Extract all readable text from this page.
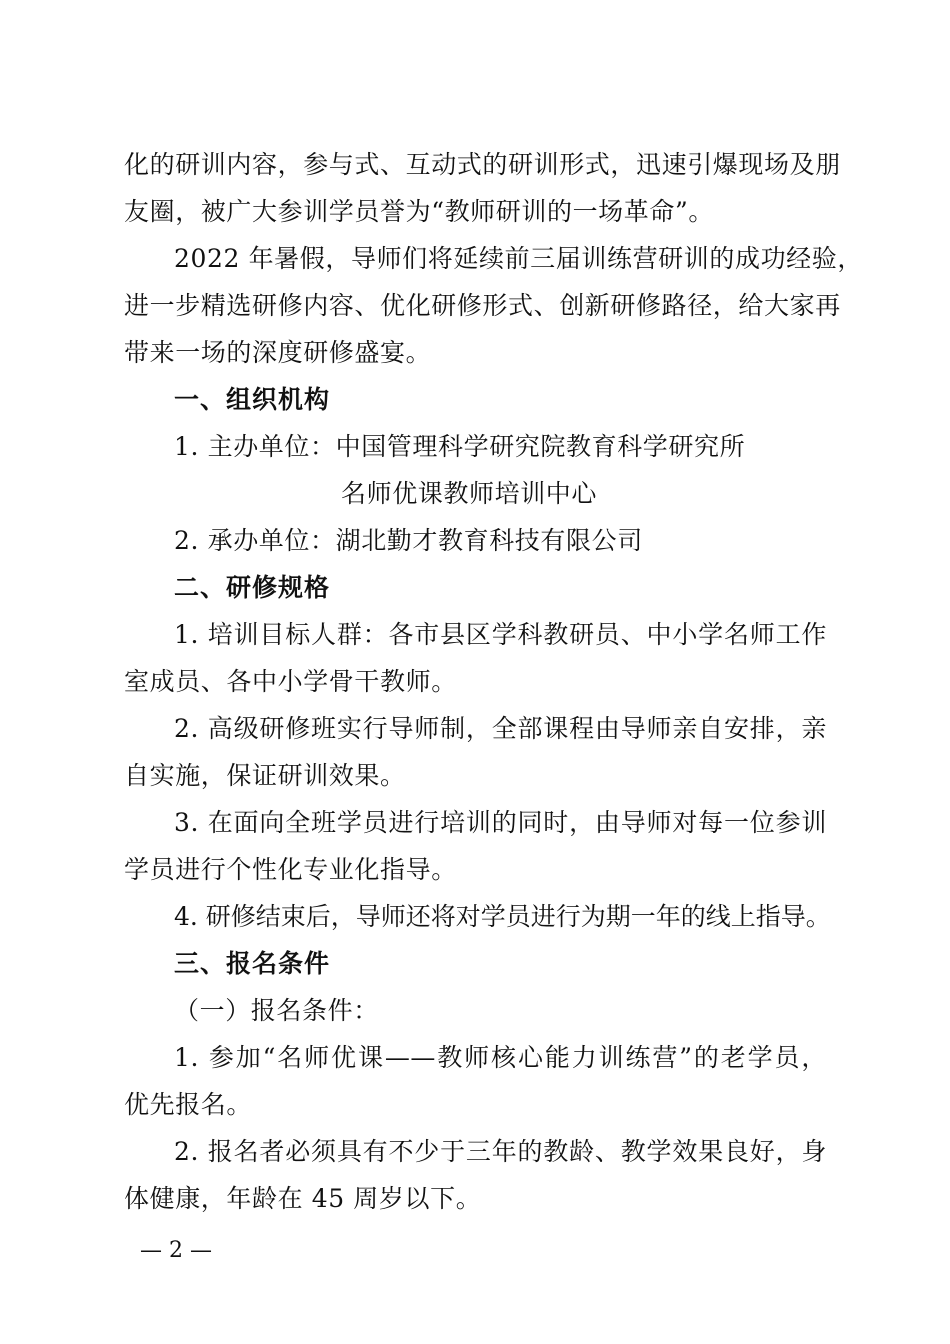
化的研训内容，参与式、互动式的研训形式，迅速引爆现场及朋
友圈，被广大参训学员誉为“教师研训的一场革命”。
2022 年暑假，导师们将延续前三届训练营研训的成功经验，
进一步精选研修内容、优化研修形式、创新研修路径，给大家再
带来一场的深度研修盛宴。
一、组织机构
1. 主办单位：中国管理科学研究院教育科学研究所
名师优课教师培训中心
2. 承办单位：湖北勤才教育科技有限公司
二、研修规格
1. 培训目标人群：各市县区学科教研员、中小学名师工作
室成员、各中小学骨干教师。
2. 高级研修班实行导师制，全部课程由导师亲自安排，亲
自实施，保证研训效果。
3. 在面向全班学员进行培训的同时，由导师对每一位参训
学员进行个性化专业化指导。
4. 研修结束后，导师还将对学员进行为期一年的线上指导。
三、报名条件
（一）报名条件：
1. 参加“名师优课——教师核心能力训练营”的老学员，
优先报名。
2. 报名者必须具有不少于三年的教龄、教学效果良好，身
体健康，年龄在 45 周岁以下。
— 2 —
